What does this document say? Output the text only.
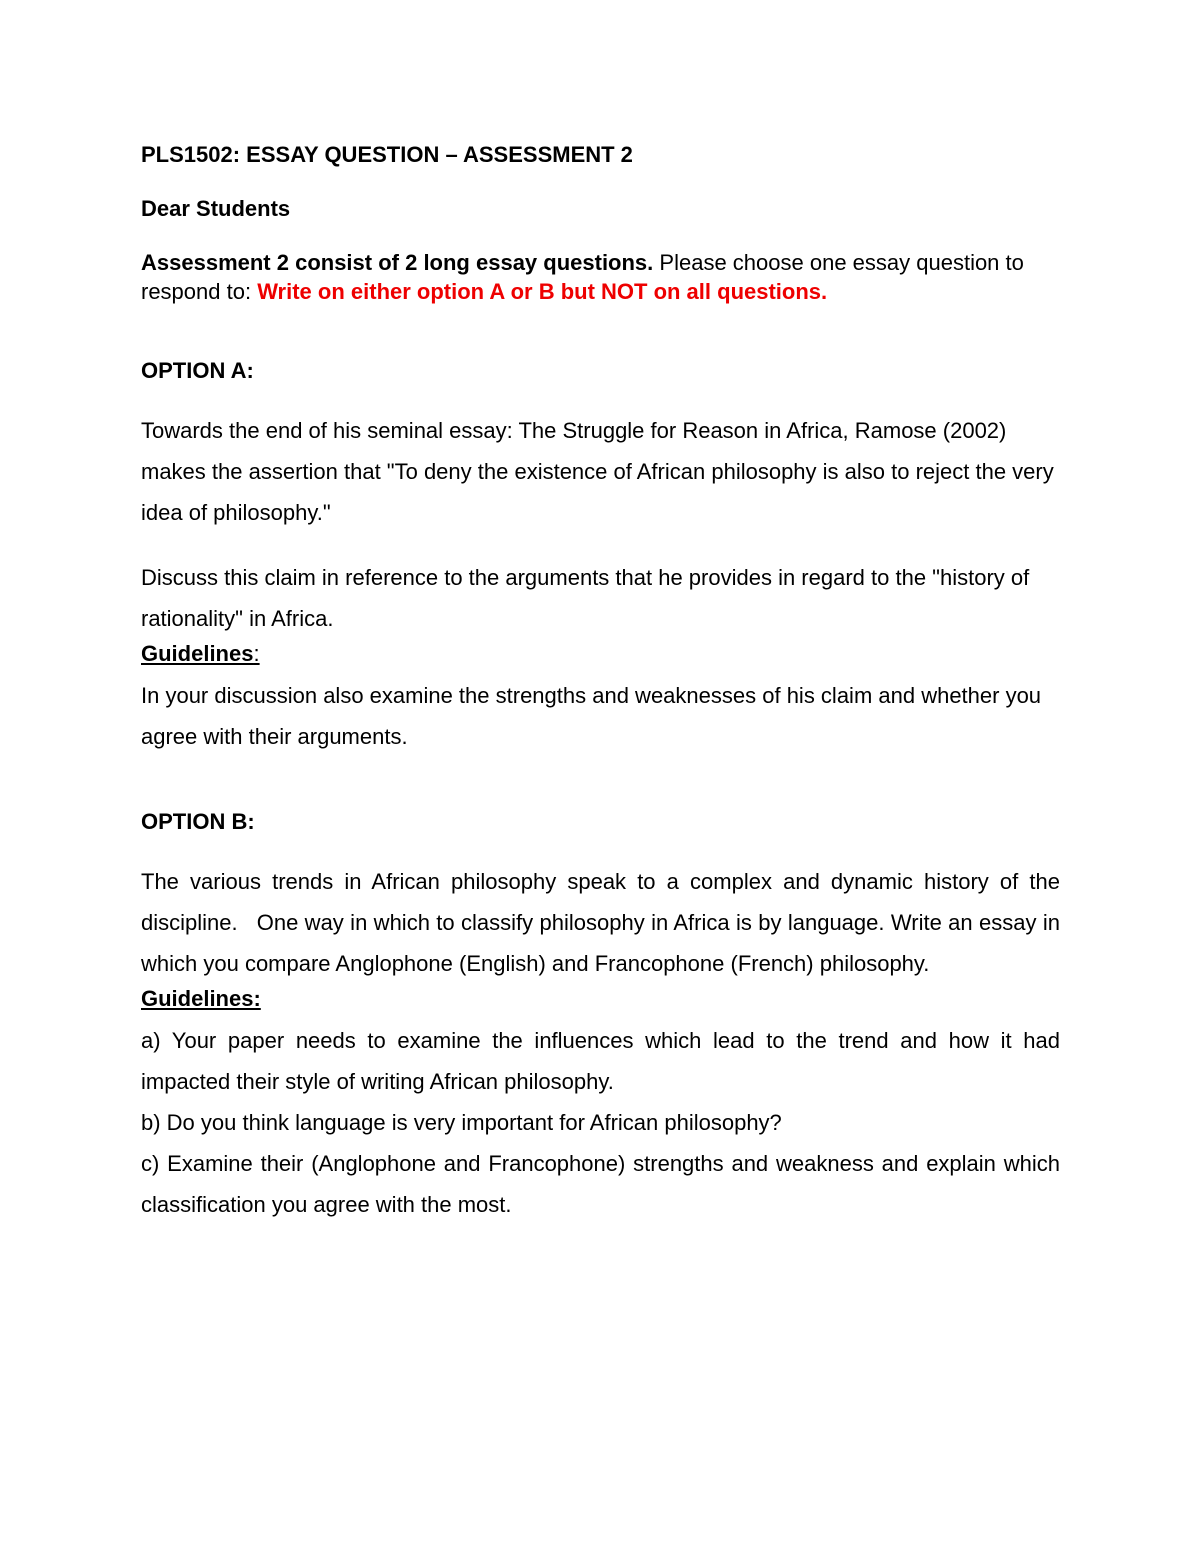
PLS1502: ESSAY QUESTION – ASSESSMENT 2

Dear Students

Assessment 2 consist of 2 long essay questions. Please choose one essay question to respond to: Write on either option A or B but NOT on all questions.

OPTION A:

Towards the end of his seminal essay: The Struggle for Reason in Africa, Ramose (2002) makes the assertion that "To deny the existence of African philosophy is also to reject the very idea of philosophy."

Discuss this claim in reference to the arguments that he provides in regard to the "history of rationality" in Africa.

Guidelines:

In your discussion also examine the strengths and weaknesses of his claim and whether you agree with their arguments.

OPTION B:

The various trends in African philosophy speak to a complex and dynamic history of the discipline.   One way in which to classify philosophy in Africa is by language. Write an essay in which you compare Anglophone (English) and Francophone (French) philosophy.

Guidelines:

a) Your paper needs to examine the influences which lead to the trend and how it had impacted their style of writing African philosophy.

b) Do you think language is very important for African philosophy?

c) Examine their (Anglophone and Francophone) strengths and weakness and explain which classification you agree with the most.
